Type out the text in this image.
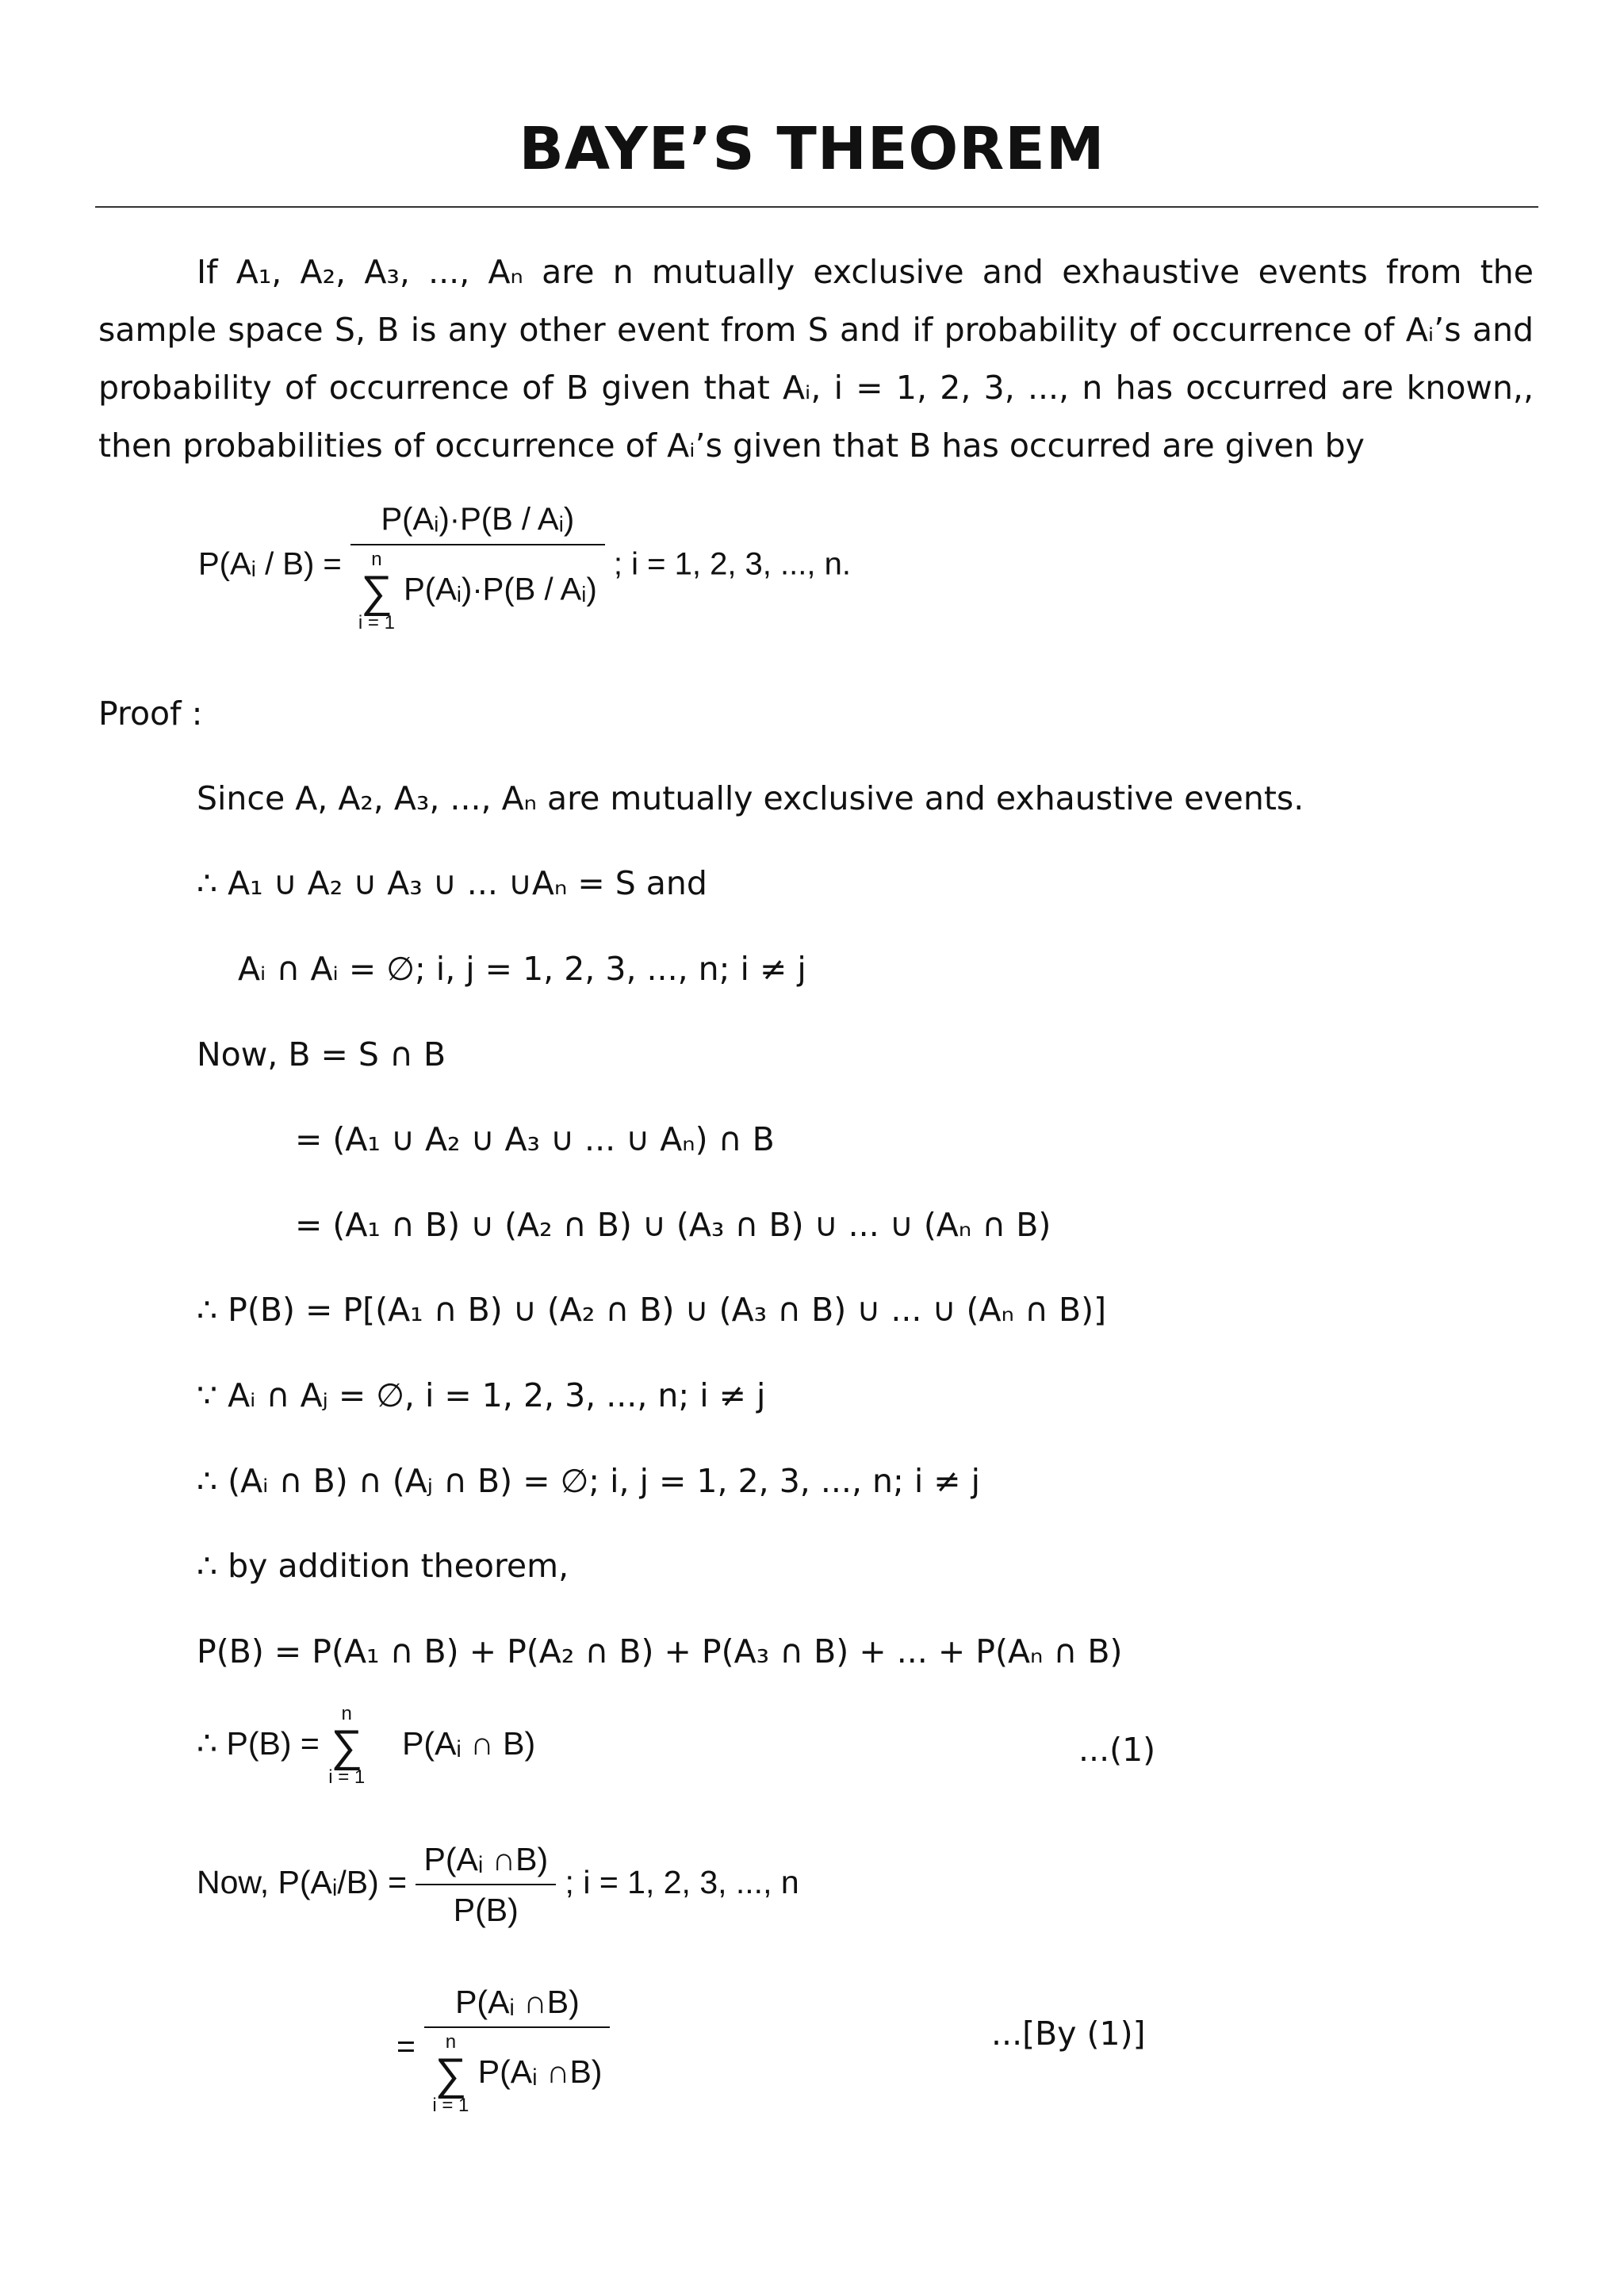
BAYE’S THEOREM

If A₁, A₂, A₃, ..., Aₙ are n mutually exclusive and exhaustive events from the sample space S, B is any other event from S and if probability of occurrence of Aᵢ’s and probability of occurrence of B given that Aᵢ, i = 1, 2, 3, ..., n has occurred are known,, then probabilities of occurrence of Aᵢ’s given that B has occurred are given by

P(Aᵢ / B) =
P(Aᵢ)·P(B / Aᵢ)
n
∑
i = 1
P(Aᵢ)·P(B / Aᵢ)
; i = 1, 2, 3, ..., n.
Proof :
Since A, A₂, A₃, ..., Aₙ are mutually exclusive and exhaustive events.
∴ A₁ ∪ A₂ ∪ A₃ ∪ ... ∪Aₙ = S and
Aᵢ ∩ Aᵢ = ∅; i, j = 1, 2, 3, ..., n; i ≠ j
Now, B = S ∩ B
= (A₁ ∪ A₂ ∪ A₃ ∪ ... ∪ Aₙ) ∩ B
= (A₁ ∩ B) ∪ (A₂ ∩ B) ∪ (A₃ ∩ B) ∪ ... ∪ (Aₙ ∩ B)
∴ P(B) = P[(A₁ ∩ B) ∪ (A₂ ∩ B) ∪ (A₃ ∩ B) ∪ ... ∪ (Aₙ ∩ B)]
∵ Aᵢ ∩ Aⱼ = ∅, i = 1, 2, 3, ..., n; i ≠ j
∴ (Aᵢ ∩ B) ∩ (Aⱼ ∩ B) = ∅; i, j = 1, 2, 3, ..., n; i ≠ j
∴ by addition theorem,
P(B) = P(A₁ ∩ B) + P(A₂ ∩ B) + P(A₃ ∩ B) + ... + P(Aₙ ∩ B)
∴ P(B) =
n
∑
i = 1
P(Aᵢ ∩ B)	...(1)
Now, P(Aᵢ/B) = $\frac{\text{P(Aᵢ ∩B)}}{P(B)}$ ; i = 1, 2, 3, ..., n
= P(Aᵢ ∩B)
n
∑
i = 1
P(Aᵢ ∩B)	...[By (1)]
